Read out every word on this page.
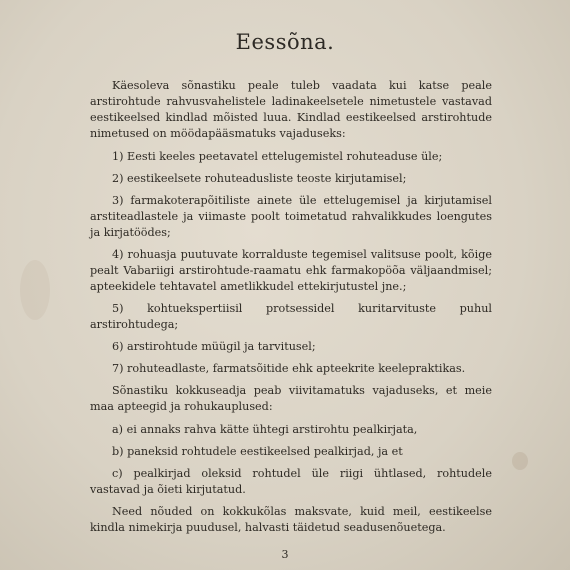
Eessõna.

Käesoleva sõnastiku peale tuleb vaadata kui katse peale arstirohtude rahvusvahelistele ladinakeelsetele nimetustele vastavad eestikeelsed kindlad mõisted luua. Kindlad eestikeelsed arstirohtude nimetused on möödapääsmatuks vajaduseks:

1) Eesti keeles peetavatel ettelugemistel rohuteaduse üle;

2) eestikeelsete rohuteadusliste teoste kirjutamisel;

3) farmakoterapõitiliste ainete üle ettelugemisel ja kirjutamisel arstiteadlastele ja viimaste poolt toimetatud rahvalikkudes loengutes ja kirjatöödes;

4) rohuasja puutuvate korralduste tegemisel valitsuse poolt, kõige pealt Vabariigi arstirohtude-raamatu ehk farmakopöõa väljaandmisel; apteekidele tehtavatel ametlikkudel ettekirjutustel jne.;

5) kohtuekspertiisil protsessidel kuritarvituste puhul arstirohtudega;

6) arstirohtude müügil ja tarvitusel;

7) rohuteadlaste, farmatsõitide ehk apteekrite keelepraktikas.

Sõnastiku kokkuseadja peab viivitamatuks vajaduseks, et meie maa apteegid ja rohukauplused:

a) ei annaks rahva kätte ühtegi arstirohtu pealkirjata,

b) paneksid rohtudele eestikeelsed pealkirjad, ja et

c) pealkirjad oleksid rohtudel üle riigi ühtlased, rohtudele vastavad ja õieti kirjutatud.

Need nõuded on kokkukõlas maksvate, kuid meil, eestikeelse kindla nimekirja puudusel, halvasti täidetud seadusenõuetega.

3
